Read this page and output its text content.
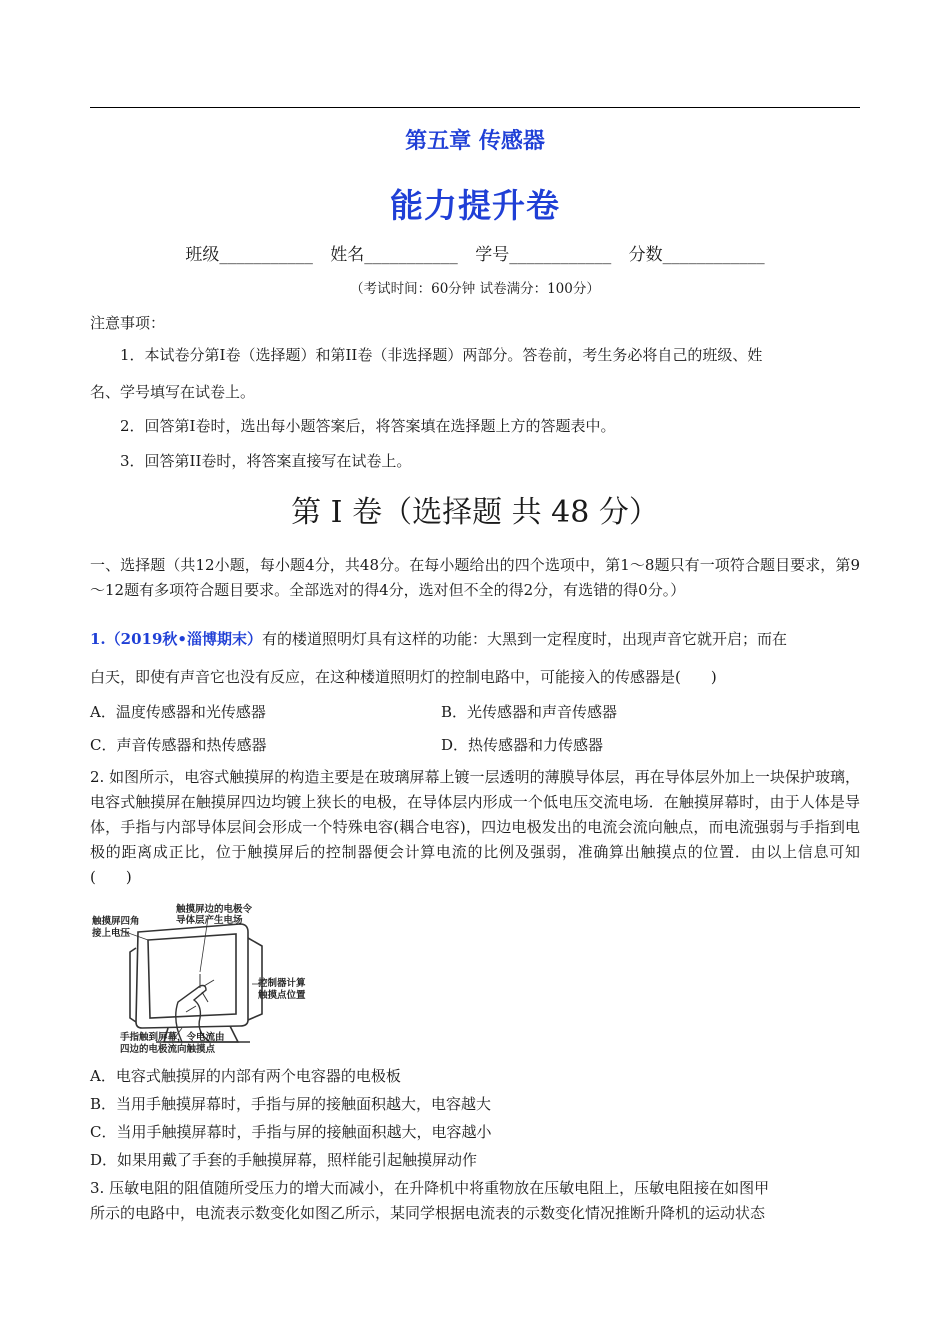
第五章 传感器
能力提升卷
班级___________ 姓名___________ 学号____________ 分数____________
（考试时间：60分钟 试卷满分：100分）
注意事项：
1．本试卷分第I卷（选择题）和第II卷（非选择题）两部分。答卷前，考生务必将自己的班级、姓
名、学号填写在试卷上。
2．回答第I卷时，选出每小题答案后，将答案填在选择题上方的答题表中。
3．回答第II卷时，将答案直接写在试卷上。
第 I 卷（选择题 共 48 分）
一、选择题（共12小题，每小题4分，共48分。在每小题给出的四个选项中，第1～8题只有一项符合题目要求，第9～12题有多项符合题目要求。全部选对的得4分，选对但不全的得2分，有选错的得0分。）
1.（2019秋•淄博期末）有的楼道照明灯具有这样的功能：大黑到一定程度时，出现声音它就开启；而在
白天，即使有声音它也没有反应，在这种楼道照明灯的控制电路中，可能接入的传感器是(　　)
A．温度传感器和光传感器	B．光传感器和声音传感器
C．声音传感器和热传感器	D．热传感器和力传感器
2. 如图所示，电容式触摸屏的构造主要是在玻璃屏幕上镀一层透明的薄膜导体层，再在导体层外加上一块保护玻璃，电容式触摸屏在触摸屏四边均镀上狭长的电极，在导体层内形成一个低电压交流电场．在触摸屏幕时，由于人体是导体，手指与内部导体层间会形成一个特殊电容(耦合电容)，四边电极发出的电流会流向触点，而电流强弱与手指到电极的距离成正比，位于触摸屏后的控制器便会计算电流的比例及强弱，准确算出触摸点的位置．由以上信息可知(　　)
触摸屏四角
接上电压
触摸屏边的电极令
导体层产生电场
控制器计算
触摸点位置
手指触到屏幕，令电流由
四边的电极流向触摸点
A．电容式触摸屏的内部有两个电容器的电极板
B．当用手触摸屏幕时，手指与屏的接触面积越大，电容越大
C．当用手触摸屏幕时，手指与屏的接触面积越大，电容越小
D．如果用戴了手套的手触摸屏幕，照样能引起触摸屏动作
3. 压敏电阻的阻值随所受压力的增大而减小，在升降机中将重物放在压敏电阻上，压敏电阻接在如图甲
所示的电路中，电流表示数变化如图乙所示，某同学根据电流表的示数变化情况推断升降机的运动状态
